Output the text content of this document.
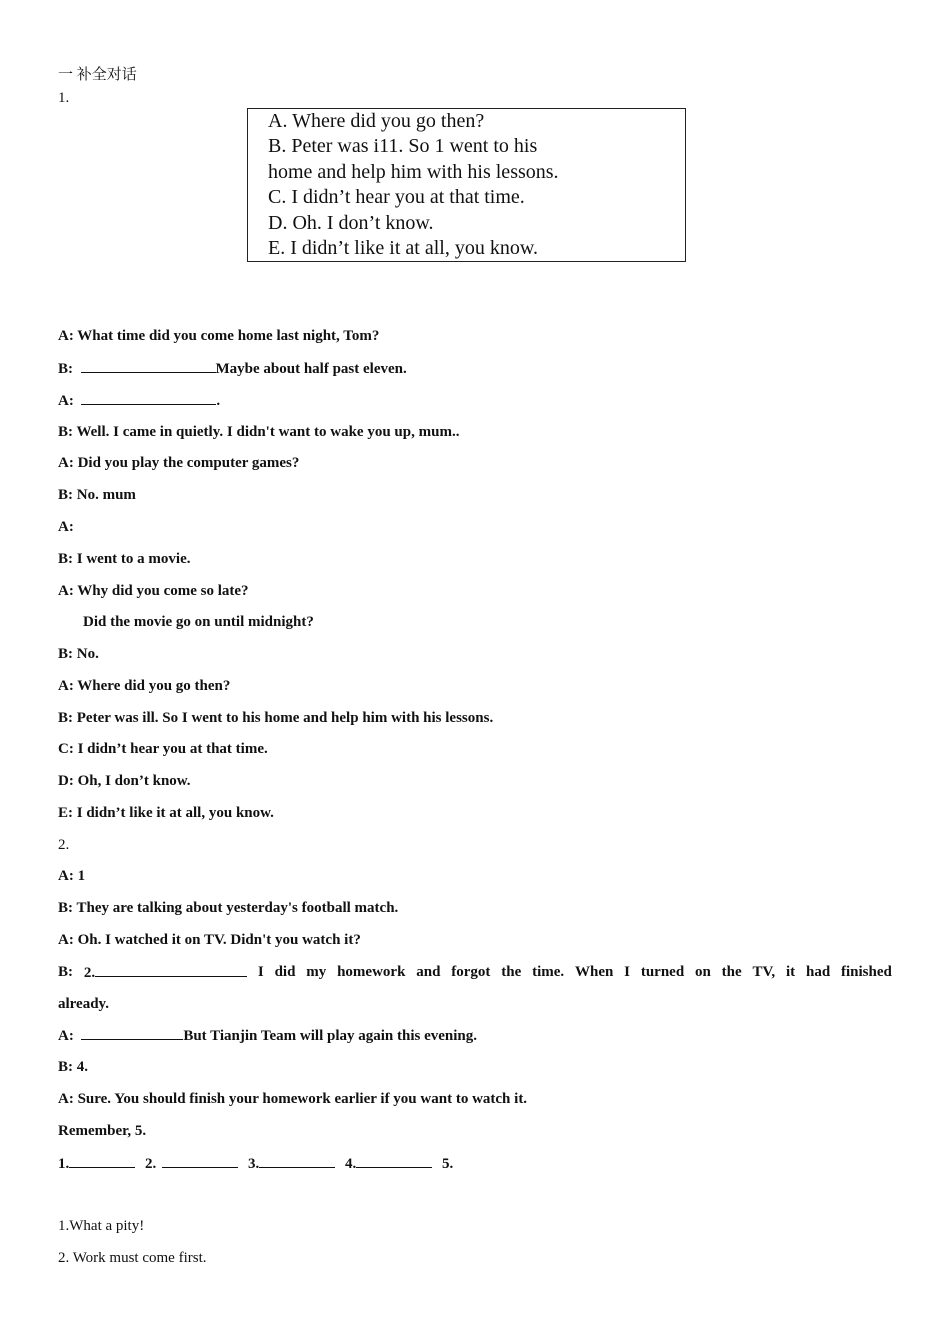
一 补全对话
1.
A. Where did you go then?
B. Peter was i11. So 1 went to his
home and help him with his lessons.
C. I didn’t hear you at that time.
D. Oh. I don’t know.
E. I didn’t like it at all, you know.
A: What time did you come home last night, Tom?
B:	Maybe about half past eleven.
A:	.
B: Well. I came in quietly. I didn't want to wake you up, mum..
A: Did you play the computer games?
B: No. mum
A:
B: I went to a movie.
A: Why did you come so late?
Did the movie go on until midnight?
B: No.
A: Where did you go then?
B: Peter was ill. So I went to his home and help him with his lessons.
C: I didn’t hear you at that time.
D: Oh, I don’t know.
E: I didn’t like it at all, you know.
2.
A: 1
B: They are talking about yesterday's football match.
A: Oh. I watched it on TV. Didn't you watch it?
B: 2.	I did my homework and forgot the time. When I turned on the TV, it had finished
already.
A:	But Tianjin Team will play again this evening.
B: 4.
A: Sure. You should finish your homework earlier if you want to watch it.
Remember, 5.
1.	2.	3.	4.	5.
1.What a pity!
2. Work must come first.
